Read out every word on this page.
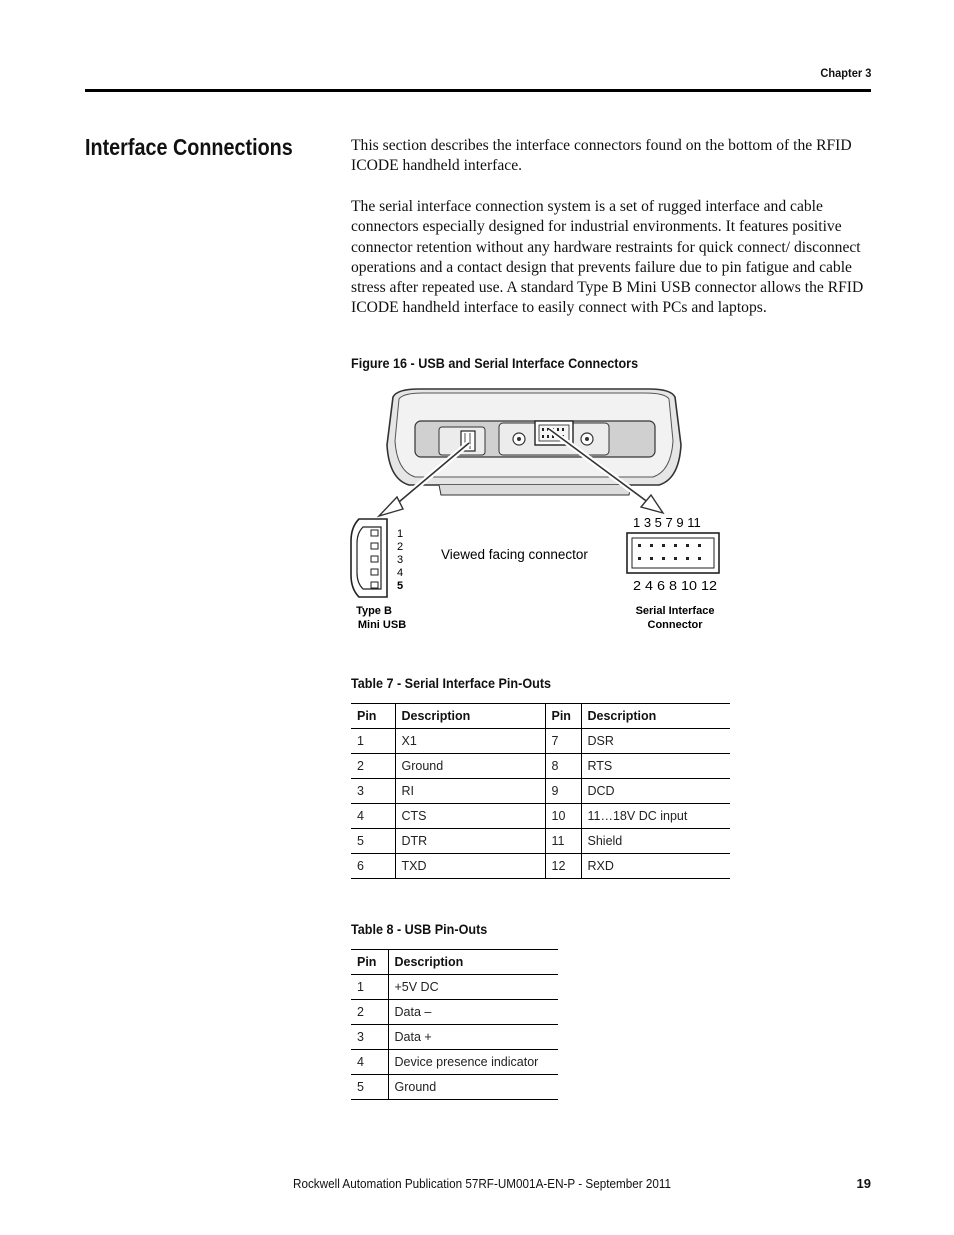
Chapter 3
Interface Connections	This section describes the interface connectors found on the bottom of the RFID ICODE handheld interface.

The serial interface connection system is a set of rugged interface and cable connectors especially designed for industrial environments. It features positive connector retention without any hardware restraints for quick connect/ disconnect operations and a contact design that prevents failure due to pin fatigue and cable stress after repeated use. A standard Type B Mini USB connector allows the RFID ICODE handheld interface to easily connect with PCs and laptops.

Figure 16 - USB and Serial Interface Connectors
1
2
3
4
5
Viewed facing connector
1 3 5 7 9 11
2 4 6 8 10 12
Type B
Mini USB
Serial Interface
Connector
Table 7 - Serial Interface Pin-Outs
Pin	Description	Pin	Description
1	X1	7	DSR
2	Ground	8	RTS
3	RI	9	DCD
4	CTS	10	11…18V DC input
5	DTR	11	Shield
6	TXD	12	RXD
Table 8 - USB Pin-Outs
Pin	Description
1	+5V DC
2	Data –
3	Data +
4	Device presence indicator
5	Ground
Rockwell Automation Publication 57RF-UM001A-EN-P - September 2011	19
